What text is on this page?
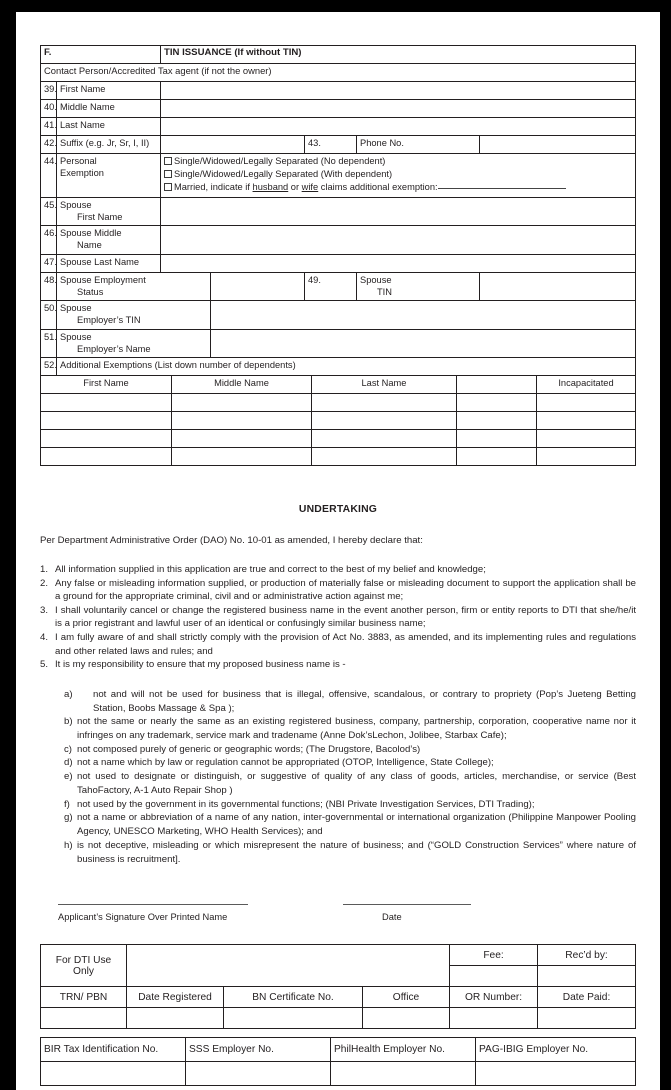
F.		TIN ISSUANCE (If without TIN)				
Contact Person/Accredited Tax agent (if not the owner)						
39.	First Name					
40.	Middle Name					
41.	Last Name					
42.	Suffix (e.g. Jr, Sr, I, II)			43.	Phone No.	
44.	Personal
Exemption	Single/Widowed/Legally Separated (No dependent)
Single/Widowed/Legally Separated (With dependent)
Married, indicate if husband or wife claims additional exemption:				

45.	Spouse

First Name					

46.	Spouse Middle

Name					

47.	Spouse Last Name					
48.	Spouse Employment

Status			49.	Spouse

TIN	

50.	Spouse

Employer’s TIN					

51.	Spouse

Employer’s Name					

52.	Additional Exemptions (List down number of dependents)					
First Name	Middle Name	Last Name		Incapacitated

UNDERTAKING
Per Department Administrative Order (DAO) No. 10-01 as amended, I hereby declare that:
1. All information supplied in this application are true and correct to the best of my belief and knowledge;
2. Any false or misleading information supplied, or production of materially false or misleading document to support the application shall be a ground for the appropriate criminal, civil and or administrative action against me;
3. I shall voluntarily cancel or change the registered business name in the event another person, firm or entity reports to DTI that she/he/it is a prior registrant and lawful user of an identical or confusingly similar business name;
4. I am fully aware of and shall strictly comply with the provision of Act No. 3883, as amended, and its implementing rules and regulations and other related laws and rules; and
5. It is my responsibility to ensure that my proposed business name is -
a)	not and will not be used for business that is illegal, offensive, scandalous, or contrary to propriety (Pop’s Jueteng Betting Station, Boobs Massage & Spa );
b) not the same or nearly the same as an existing registered business, company, partnership, corporation, cooperative name nor it infringes on any trademark, service mark and tradename (Anne Dok’sLechon, Jolibee, Starbax Cafe);
c) not composed purely of generic or geographic words; (The Drugstore, Bacolod’s)
d) not a name which by law or regulation cannot be appropriated (OTOP, Intelligence, State College);
e) not used to designate or distinguish, or suggestive of quality of any class of goods, articles, merchandise, or service (Best TahoFactory, A-1 Auto Repair Shop )
f) not used by the government in its governmental functions; (NBI Private Investigation Services, DTI Trading);
g) not a name or abbreviation of a name of any nation, inter-governmental or international organization (Philippine Manpower Pooling Agency, UNESCO Marketing, WHO Health Services); and
h) is not deceptive, misleading or which misrepresent the nature of business; and (“GOLD Construction Services” where nature of business is recruitment].
Applicant’s Signature Over Printed Name	Date
For DTI Use
Only				Fee:	Rec’d by:

TRN/ PBN	Date Registered	BN Certificate No.	Office	OR Number:	Date Paid:

BIR Tax Identification No.	SSS Employer No.	PhilHealth Employer No.	PAG-IBIG Employer No.
